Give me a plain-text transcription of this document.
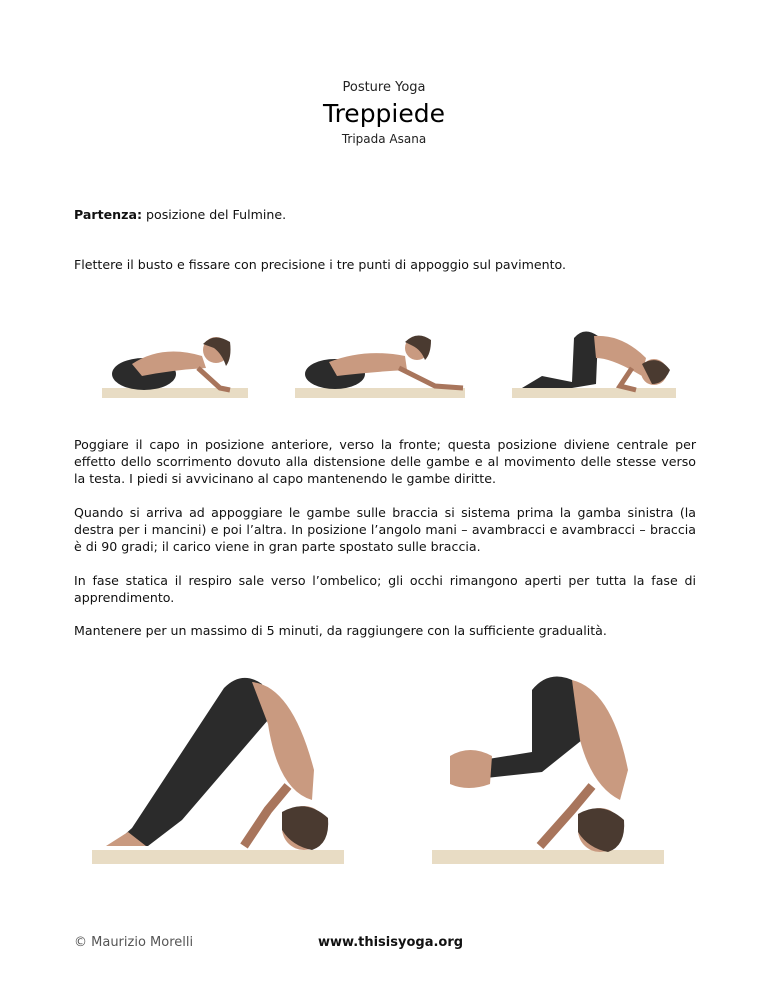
Posture Yoga

Treppiede

Tripada Asana

Partenza: posizione del Fulmine.

Flettere il busto e fissare con precisione i tre punti di appoggio sul pavimento.

Poggiare il capo in posizione anteriore, verso la fronte; questa posizione diviene centrale per effetto dello scorrimento dovuto alla distensione delle gambe e al movimento delle stesse verso la testa. I piedi si avvicinano al capo mantenendo le gambe diritte.

Quando si arriva ad appoggiare le gambe sulle braccia si sistema prima la gamba sinistra (la destra per i mancini) e poi l’altra. In posizione l’angolo mani – avambracci e avambracci – braccia è di 90 gradi; il carico viene in gran parte spostato sulle braccia.

In fase statica il respiro sale verso l’ombelico; gli occhi rimangono aperti per tutta la fase di apprendimento.

Mantenere per un massimo di 5 minuti, da raggiungere con la sufficiente gradualità.

© Maurizio Morelli	www.thisisyoga.org
